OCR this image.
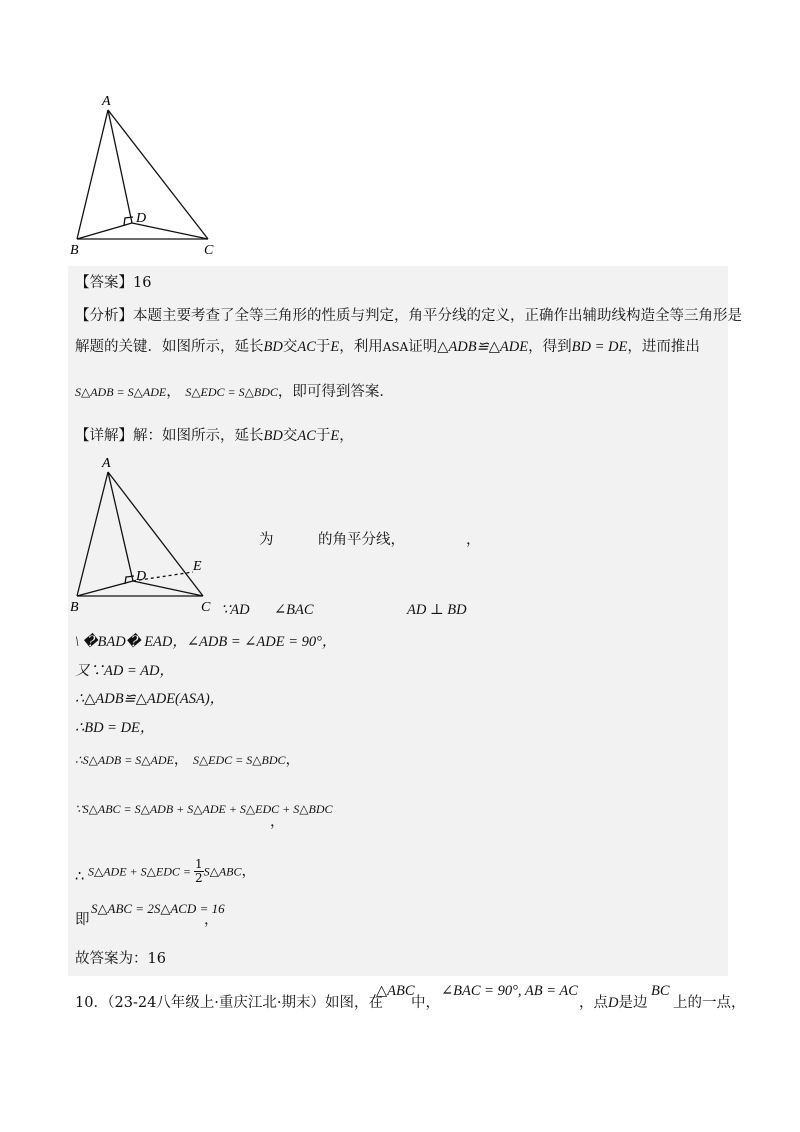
A
B	C
D
【答案】16
【分析】本题主要考查了全等三角形的性质与判定，角平分线的定义，正确作出辅助线构造全等三角形是
解题的关键．如图所示，延长BD交AC于E，利用ASA证明△ADB≌△ADE，得到BD = DE，进而推出
S△ADB = S△ADE， S△EDC = S△BDC，即可得到答案．
【详解】解：如图所示，延长BD交AC于E，
A
B	C
D
E
为	的角平分线，	，
∵AD ∠BAC	AD ⊥ BD
\ �BAD� EAD，∠ADB = ∠ADE = 90°，
又∵AD = AD，
∴△ADB≌△ADE(ASA)，
∴BD = DE，
∴S△ADB = S△ADE， S△EDC = S△BDC，
∵S△ABC = S△ADB + S△ADE + S△EDC + S△BDC
，
∴ S△ADE + S△EDC = $\frac{1}{2}$ S△ABC，
即
S△ABC = 2S△ACD = 16
，
故答案为：16
10．
（23-24八年级上·重庆江北·期末）如图，在
△ABC
中，
∠BAC = 90°, AB = AC
，点D是边
BC
上的一点，
